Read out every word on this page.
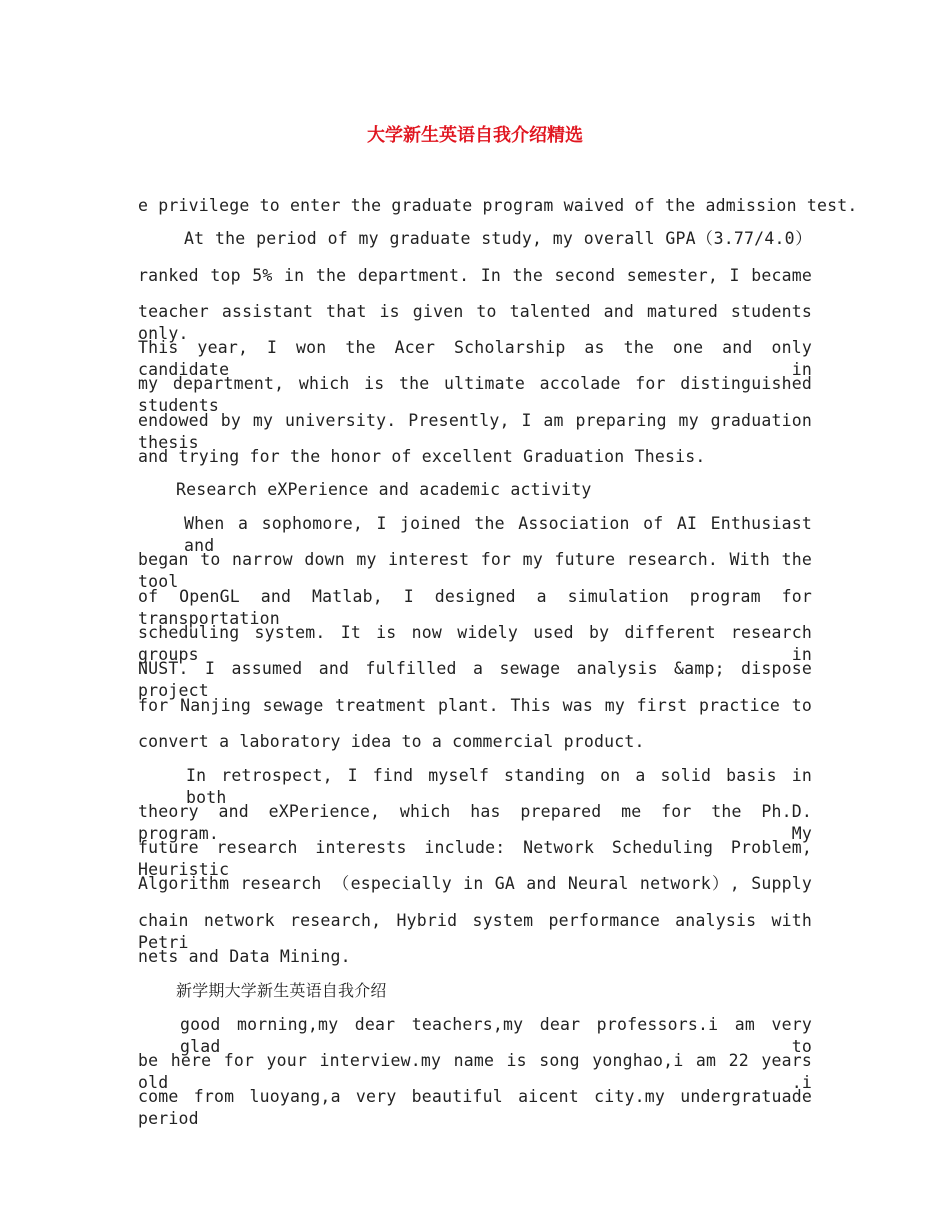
大学新生英语自我介绍精选
e privilege to enter the graduate program waived of the admission test.
At the period of my graduate study, my overall GPA（3.77/4.0）
ranked top 5% in the department. In the second semester, I became
teacher assistant that is given to talented and matured students only.
This year, I won the Acer Scholarship as the one and only candidate in
my department, which is the ultimate accolade for distinguished students
endowed by my university. Presently, I am preparing my graduation thesis
and trying for the honor of excellent Graduation Thesis.
Research eXPerience and academic activity
When a sophomore, I joined the Association of AI Enthusiast and
began to narrow down my interest for my future research. With the tool
of OpenGL and Matlab, I designed a simulation program for transportation
scheduling system. It is now widely used by different research groups in
NUST. I assumed and fulfilled a sewage analysis &amp; dispose project
for Nanjing sewage treatment plant. This was my first practice to
convert a laboratory idea to a commercial product.
In retrospect, I find myself standing on a solid basis in both
theory and eXPerience, which has prepared me for the Ph.D. program. My
future research interests include: Network Scheduling Problem, Heuristic
Algorithm research （especially in GA and Neural network）, Supply
chain network research, Hybrid system performance analysis with Petri
nets and Data Mining.
新学期大学新生英语自我介绍
good morning,my dear teachers,my dear professors.i am very glad to
be here for your interview.my name is song yonghao,i am 22 years old .i
come from luoyang,a very beautiful aicent city.my undergratuade period
